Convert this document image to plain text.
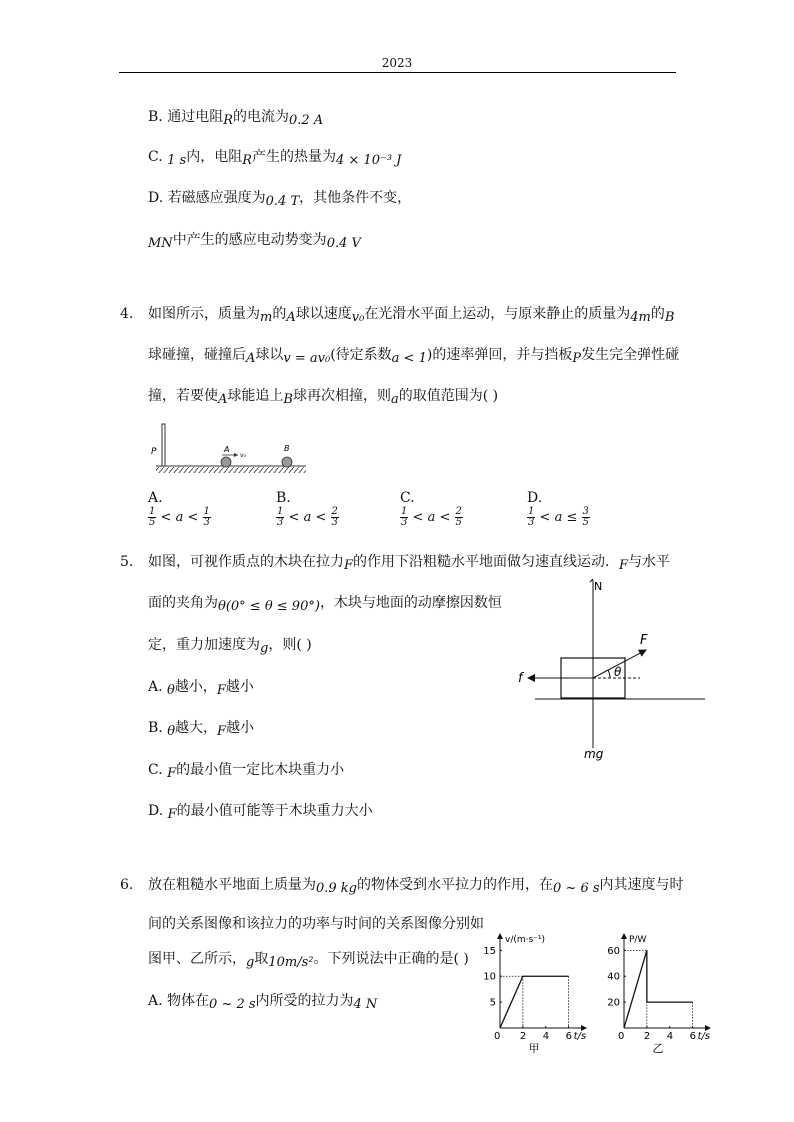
2023
B. 通过电阻R的电流为0.2 A
C. 1 s内，电阻R产生的热量为4 × 10⁻³ J
D. 若磁感应强度为0.4 T，其他条件不变，
MN中产生的感应电动势变为0.4 V
4. 如图所示，质量为m的A球以速度v₀在光滑水平面上运动，与原来静止的质量为4m的B
球碰撞，碰撞后A球以v = av₀(待定系数a < 1)的速率弹回，并与挡板P发生完全弹性碰
撞，若要使A球能追上B球再次相撞，则a的取值范围为( )
P	A
v₀
B
A.
$\frac{1}{5} < a < \frac{1}{3}$
B.
$\frac{1}{3} < a < \frac{2}{3}$
C.
$\frac{1}{3} < a < \frac{2}{5}$
D.
$\frac{1}{3} < a \le \frac{3}{5}$
5. 如图，可视作质点的木块在拉力F的作用下沿粗糙水平地面做匀速直线运动．F与水平
面的夹角为θ(0° ≤ θ ≤ 90°)，木块与地面的动摩擦因数恒
定，重力加速度为g，则( )
A. θ越小，F越小
B. θ越大，F越小
C. F的最小值一定比木块重力小
D. F的最小值可能等于木块重力大小
N
F
θ
f
mg
6. 放在粗糙水平地面上质量为0.9 kg的物体受到水平拉力的作用，在0 ~ 6 s内其速度与时
间的关系图像和该拉力的功率与时间的关系图像分别如
图甲、乙所示，g取10m/s²。下列说法中正确的是( )
A. 物体在0 ~ 2 s内所受的拉力为4 N
v/(m·s⁻¹)
0 2 4 6 t/s
5
10
15
甲
P/W
0 2 4 6 t/s
20
40
60
乙
